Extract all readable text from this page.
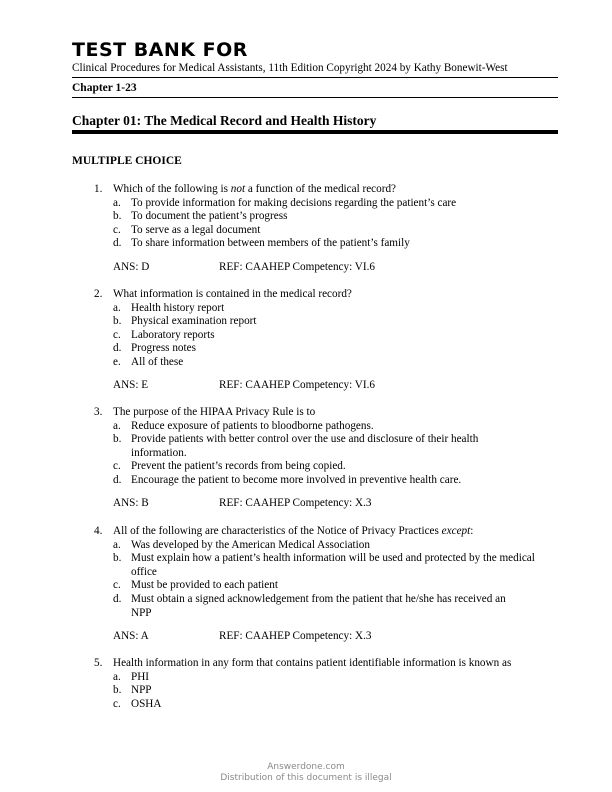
TEST BANK FOR
Clinical Procedures for Medical Assistants, 11th Edition Copyright 2024 by Kathy Bonewit-West
Chapter 1-23
Chapter 01: The Medical Record and Health History
MULTIPLE CHOICE
1. Which of the following is not a function of the medical record?
a. To provide information for making decisions regarding the patient’s care
b. To document the patient’s progress
c. To serve as a legal document
d. To share information between members of the patient’s family
ANS: D	REF: CAAHEP Competency: VI.6
2. What information is contained in the medical record?
a. Health history report
b. Physical examination report
c. Laboratory reports
d. Progress notes
e. All of these
ANS: E	REF: CAAHEP Competency: VI.6
3. The purpose of the HIPAA Privacy Rule is to
a. Reduce exposure of patients to bloodborne pathogens.
b. Provide patients with better control over the use and disclosure of their health information.
c. Prevent the patient’s records from being copied.
d. Encourage the patient to become more involved in preventive health care.
ANS: B	REF: CAAHEP Competency: X.3
4. All of the following are characteristics of the Notice of Privacy Practices except:
a. Was developed by the American Medical Association
b. Must explain how a patient’s health information will be used and protected by the medical office
c. Must be provided to each patient
d. Must obtain a signed acknowledgement from the patient that he/she has received an NPP
ANS: A	REF: CAAHEP Competency: X.3
5. Health information in any form that contains patient identifiable information is known as
a. PHI
b. NPP
c. OSHA
Answerdone.com
Distribution of this document is illegal
